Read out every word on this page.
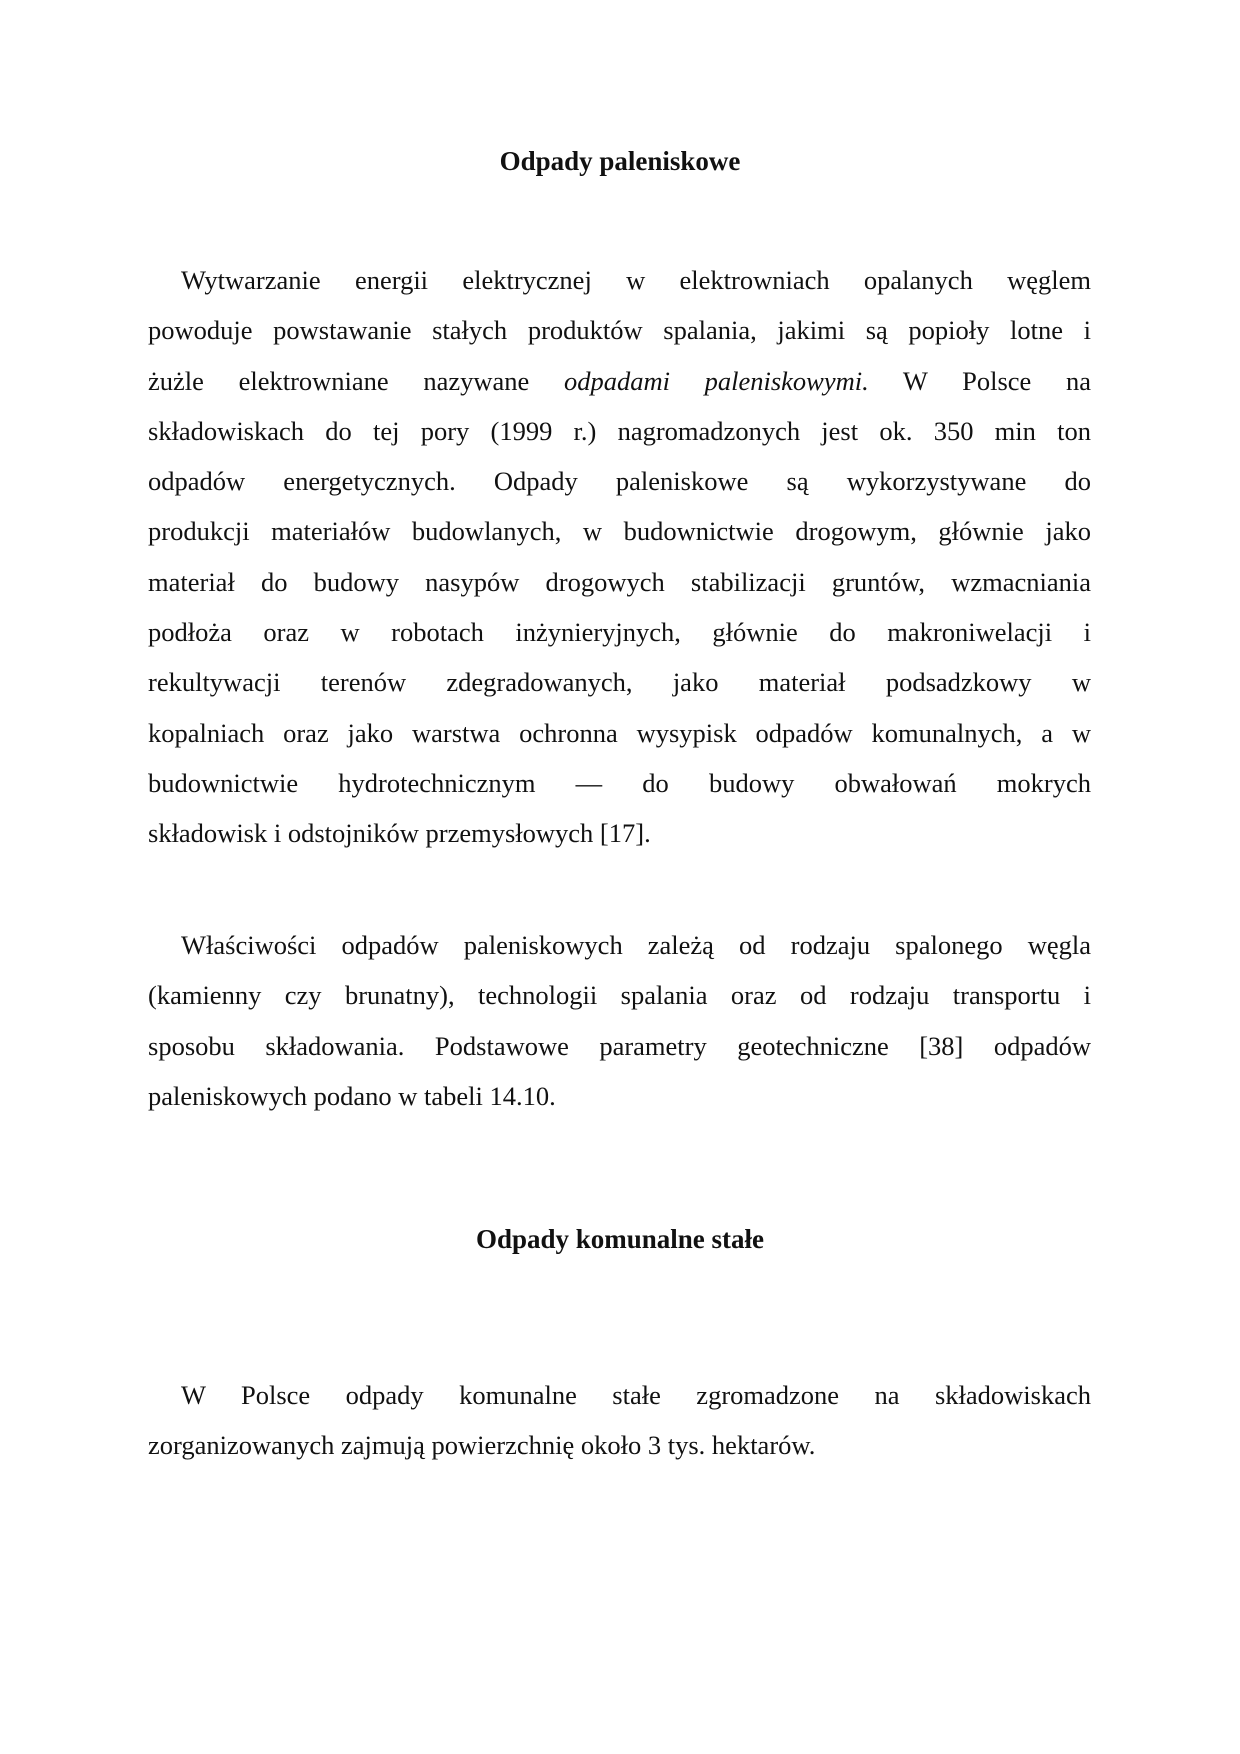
Odpady paleniskowe
Wytwarzanie energii elektrycznej w elektrowniach opalanych węglem
powoduje powstawanie stałych produktów spalania, jakimi są popioły lotne i
żużle elektrowniane nazywane odpadami paleniskowymi. W Polsce na
składowiskach do tej pory (1999 r.) nagromadzonych jest ok. 350 min ton
odpadów energetycznych. Odpady paleniskowe są wykorzystywane do
produkcji materiałów budowlanych, w budownictwie drogowym, głównie jako
materiał do budowy nasypów drogowych stabilizacji gruntów, wzmacniania
podłoża oraz w robotach inżynieryjnych, głównie do makroniwelacji i
rekultywacji terenów zdegradowanych, jako materiał podsadzkowy w
kopalniach oraz jako warstwa ochronna wysypisk odpadów komunalnych, a w
budownictwie hydrotechnicznym — do budowy obwałowań mokrych
składowisk i odstojników przemysłowych [17].
Właściwości odpadów paleniskowych zależą od rodzaju spalonego węgla
(kamienny czy brunatny), technologii spalania oraz od rodzaju transportu i
sposobu składowania. Podstawowe parametry geotechniczne [38] odpadów
paleniskowych podano w tabeli 14.10.
Odpady komunalne stałe
W Polsce odpady komunalne stałe zgromadzone na składowiskach
zorganizowanych zajmują powierzchnię około 3 tys. hektarów.
